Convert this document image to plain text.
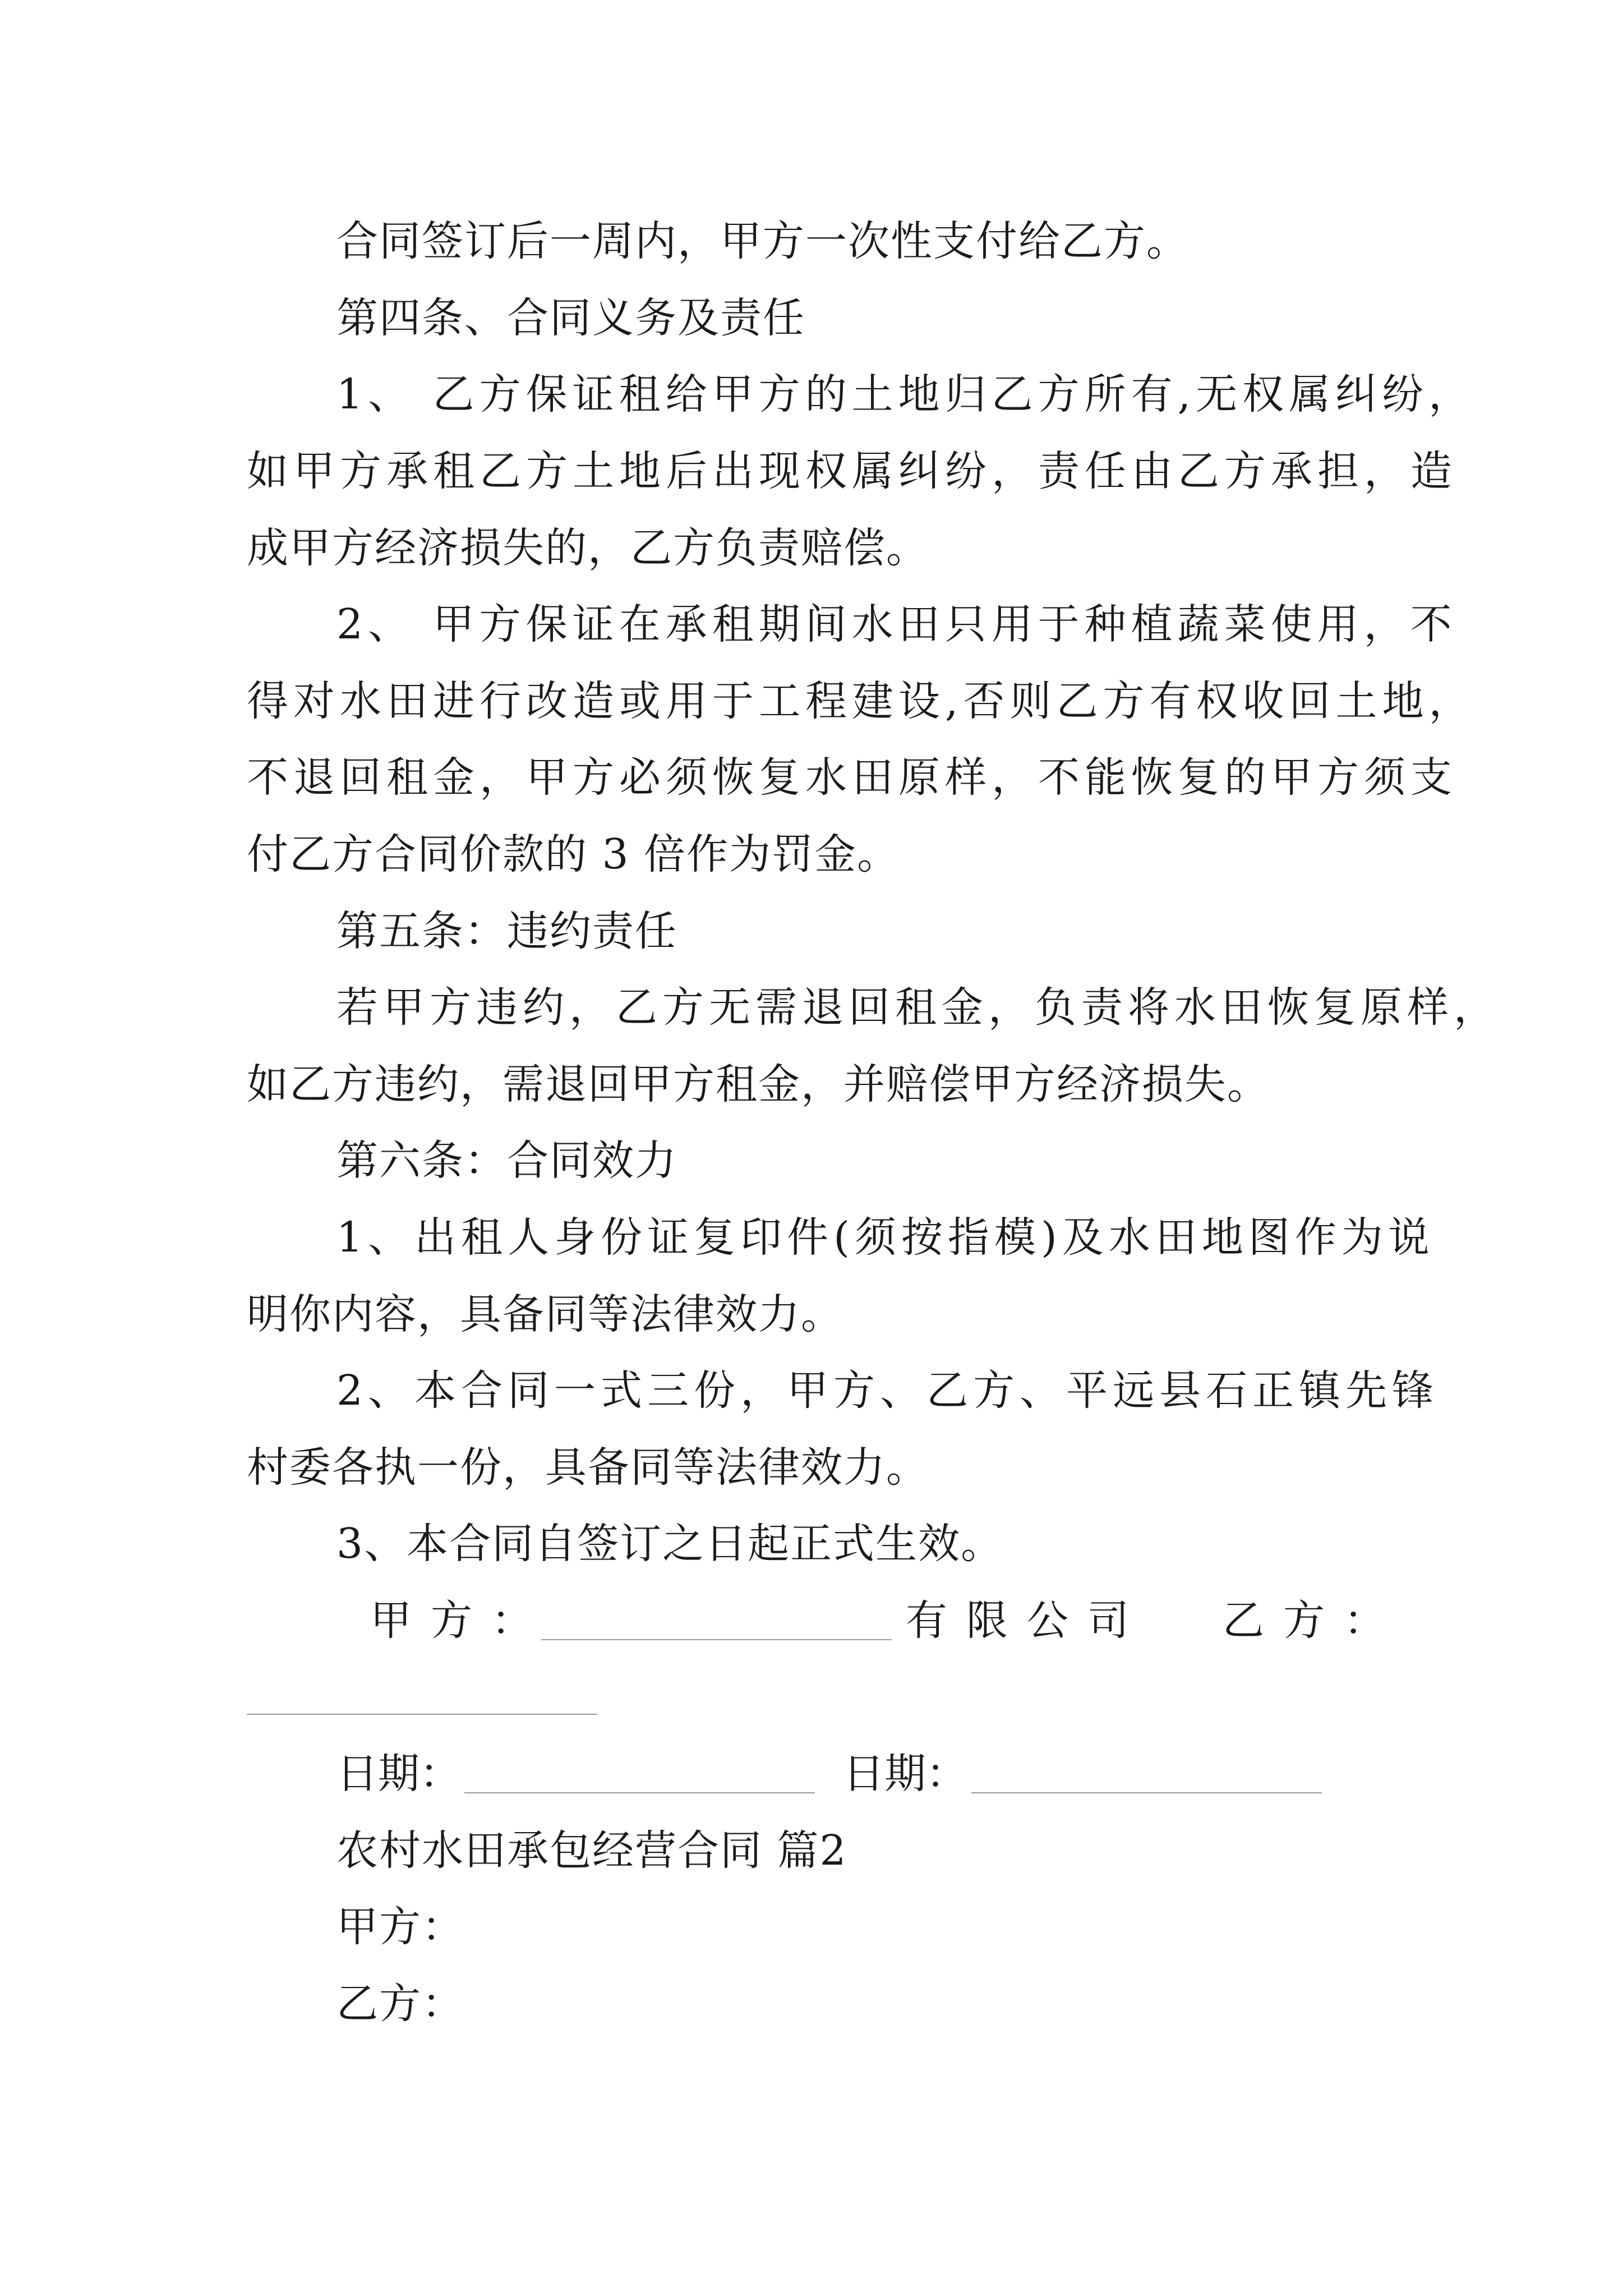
合同签订后一周内，甲方一次性支付给乙方。
第四条、合同义务及责任
1、 乙方保证租给甲方的土地归乙方所有,无权属纠纷，
如甲方承租乙方土地后出现权属纠纷，责任由乙方承担，造
成甲方经济损失的，乙方负责赔偿。
2、 甲方保证在承租期间水田只用于种植蔬菜使用，不
得对水田进行改造或用于工程建设,否则乙方有权收回土地，
不退回租金，甲方必须恢复水田原样，不能恢复的甲方须支
付乙方合同价款的 3 倍作为罚金。
第五条：违约责任
若甲方违约，乙方无需退回租金，负责将水田恢复原样，
如乙方违约，需退回甲方租金，并赔偿甲方经济损失。
第六条：合同效力
1、出租人身份证复印件(须按指模)及水田地图作为说
明你内容，具备同等法律效力。
2、本合同一式三份，甲方、乙方、平远县石正镇先锋
村委各执一份，具备同等法律效力。
3、本合同自签订之日起正式生效。
甲方：	有限公司 乙方：
日期：	日期：
农村水田承包经营合同 篇2
甲方：
乙方：
